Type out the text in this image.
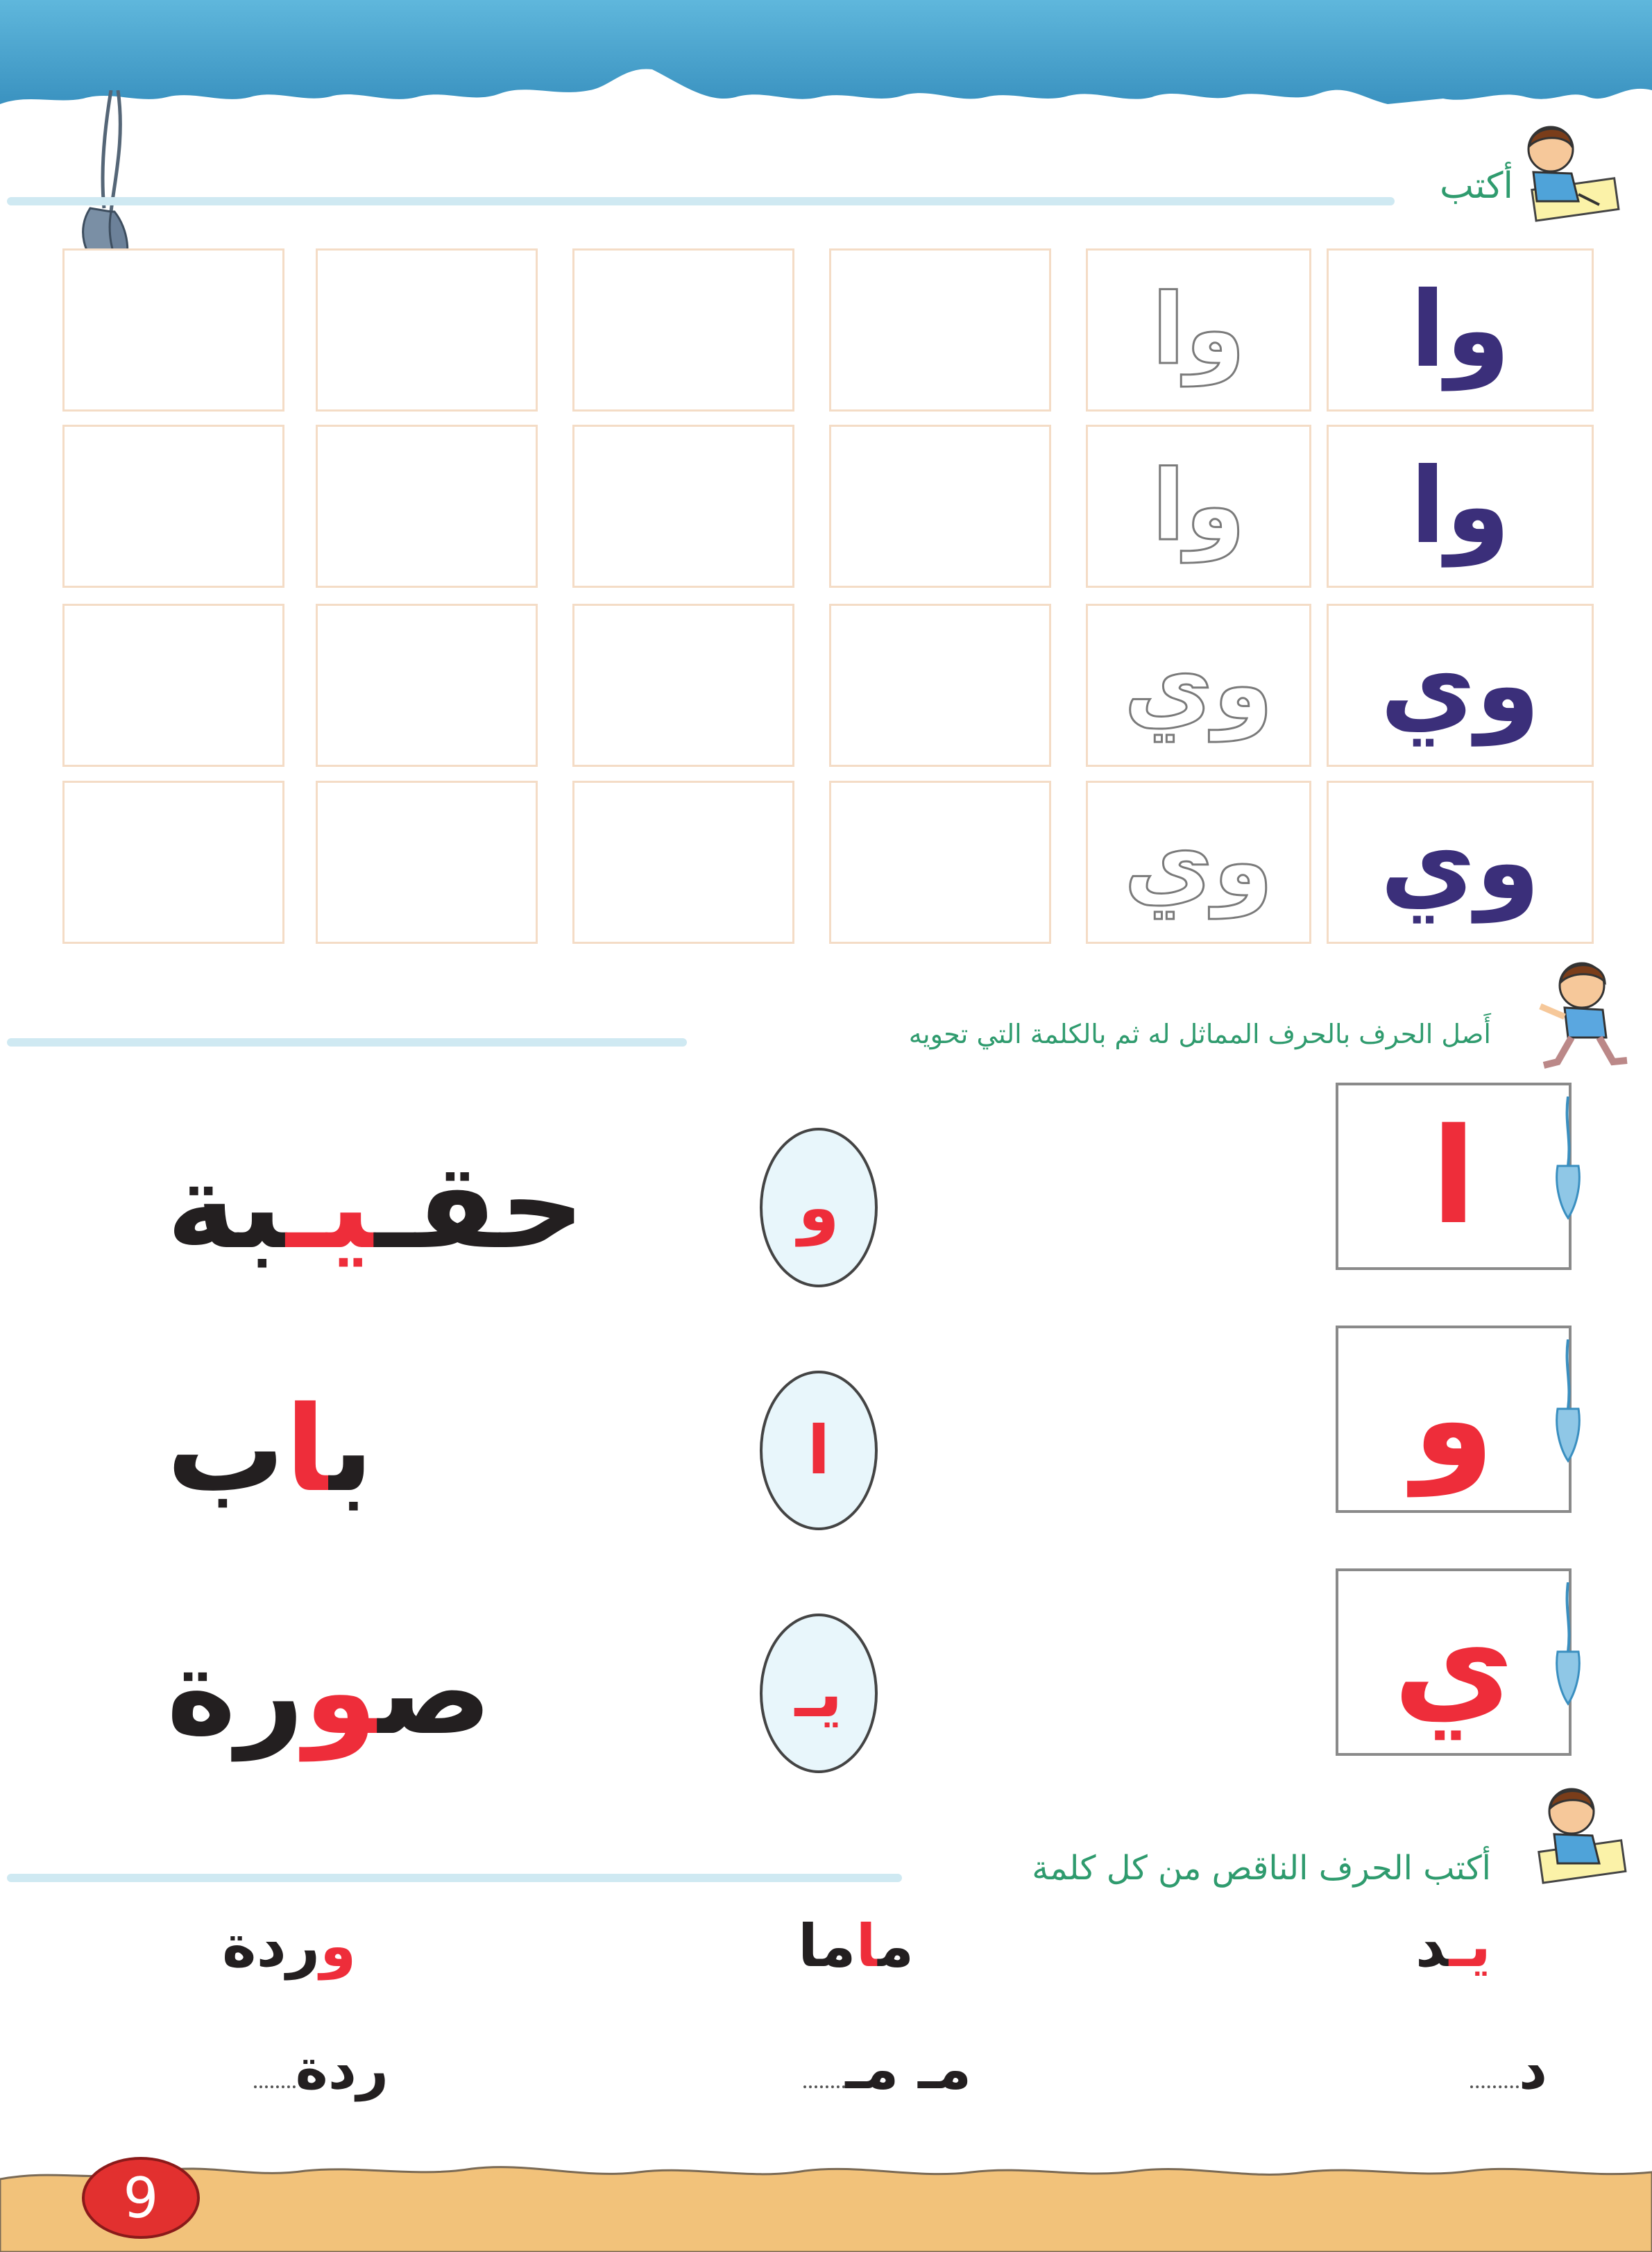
أكتب
وا	وا
وا	وا
وي	وي
وي	وي
أَصل الحرف بالحرف المماثل له ثم بالكلمة التي تحويه
ا
و
حقـيـبة
و
ا
باب
ي
يـ
صورة
أكتب الحرف الناقص من كل كلمة
يـد
ماما
وردة
د
مـ مـ
ردة
9
